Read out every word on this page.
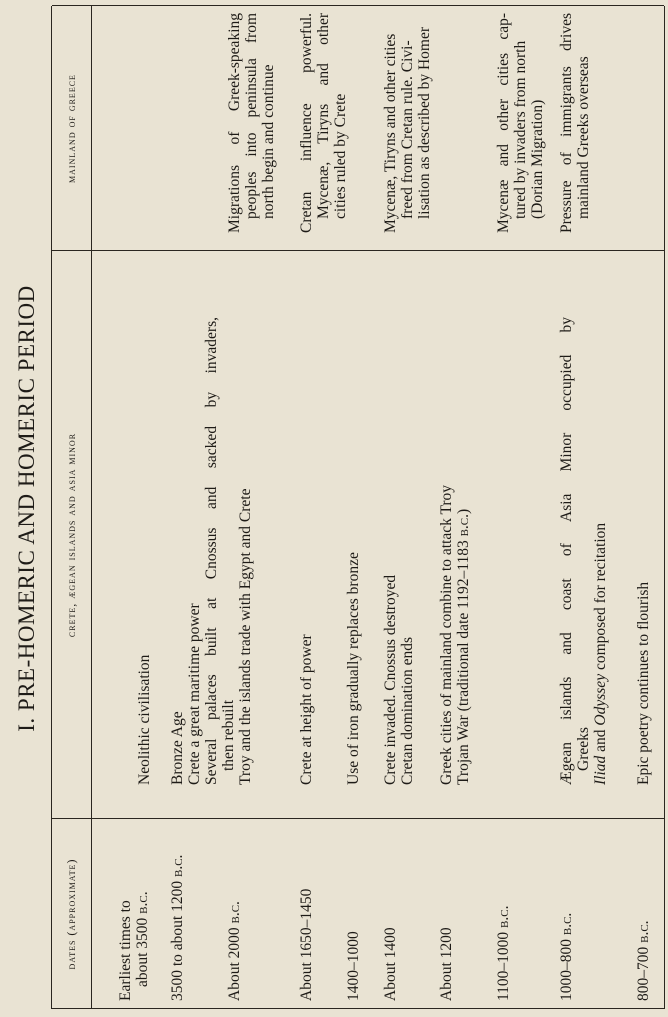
I. PRE-HOMERIC AND HOMERIC PERIOD
dates (approximate)
crete, ægean islands and asia minor
mainland of greece
Earliest times to about 3500 b.c.
Neolithic civilisation
3500 to about 1200 b.c.
Bronze Age Crete a great maritime power Several palaces built at Cnossus and sacked by invaders, then rebuilt Troy and the islands trade with Egypt and Crete
About 2000 b.c.
Migrations of Greek-speaking peoples into peninsula from north begin and continue
About 1650–1450
Crete at height of power
Cretan influence powerful. Mycenæ, Tiryns and other cities ruled by Crete
1400–1000
Use of iron gradually replaces bronze
About 1400
Crete invaded. Cnossus destroyed Cretan domination ends
Mycenæ, Tiryns and other cities freed from Cretan rule. Civi- lisation as described by Homer
About 1200
Greek cities of mainland combine to attack Troy Trojan War (traditional date 1192–1183 b.c.)
1100–1000 b.c.
Mycenæ and other cities cap- tured by invaders from north (Dorian Migration)
1000–800 b.c.
Ægean islands and coast of Asia Minor occupied by Greeks Iliad and Odyssey composed for recitation
Pressure of immigrants drives mainland Greeks overseas
800–700 b.c.
Epic poetry continues to flourish
